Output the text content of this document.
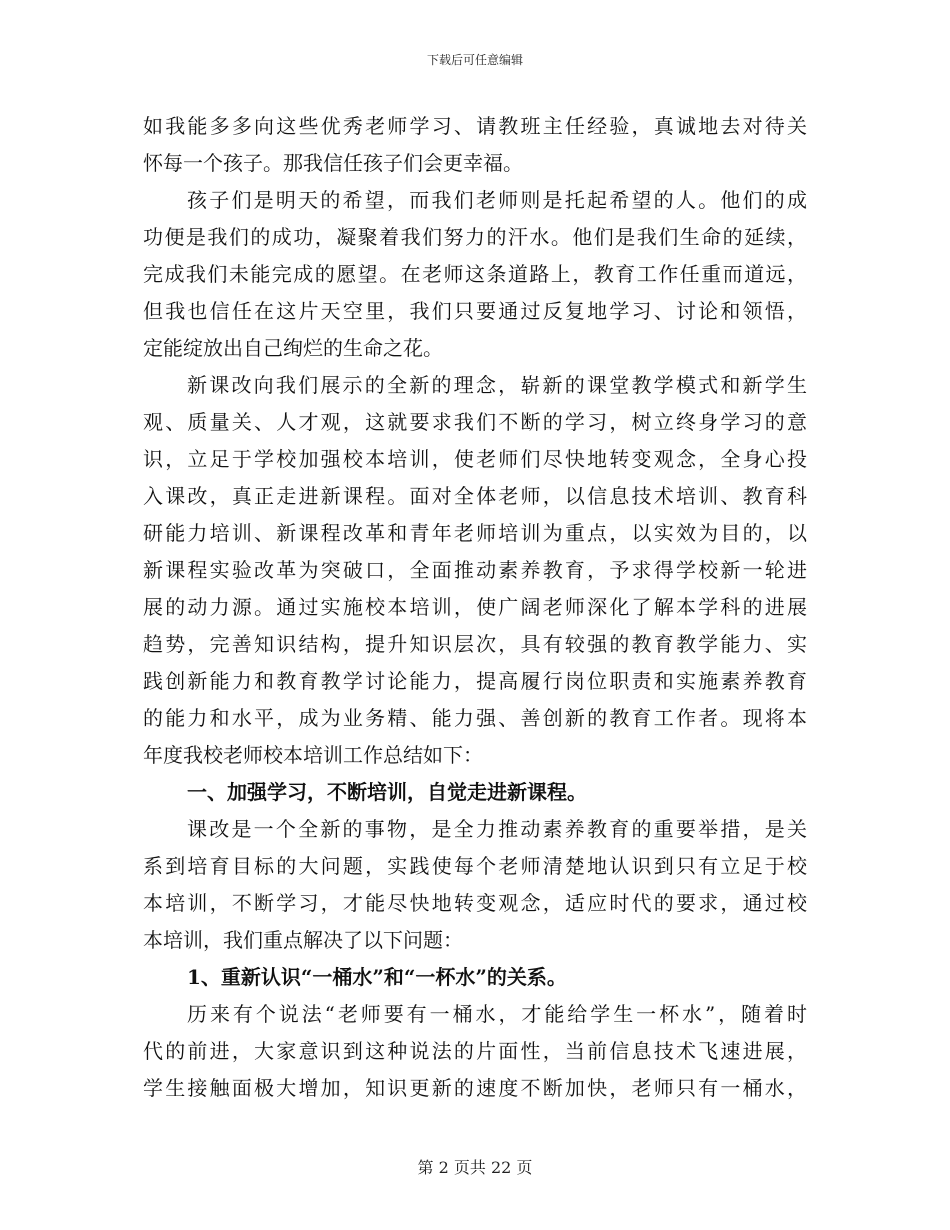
下载后可任意编辑
如我能多多向这些优秀老师学习、请教班主任经验，真诚地去对待关
怀每一个孩子。那我信任孩子们会更幸福。
孩子们是明天的希望，而我们老师则是托起希望的人。他们的成
功便是我们的成功，凝聚着我们努力的汗水。他们是我们生命的延续，
完成我们未能完成的愿望。在老师这条道路上，教育工作任重而道远，
但我也信任在这片天空里，我们只要通过反复地学习、讨论和领悟，
定能绽放出自己绚烂的生命之花。
新课改向我们展示的全新的理念，崭新的课堂教学模式和新学生
观、质量关、人才观，这就要求我们不断的学习，树立终身学习的意
识，立足于学校加强校本培训，使老师们尽快地转变观念，全身心投
入课改，真正走进新课程。面对全体老师，以信息技术培训、教育科
研能力培训、新课程改革和青年老师培训为重点，以实效为目的，以
新课程实验改革为突破口，全面推动素养教育，予求得学校新一轮进
展的动力源。通过实施校本培训，使广阔老师深化了解本学科的进展
趋势，完善知识结构，提升知识层次，具有较强的教育教学能力、实
践创新能力和教育教学讨论能力，提高履行岗位职责和实施素养教育
的能力和水平，成为业务精、能力强、善创新的教育工作者。现将本
年度我校老师校本培训工作总结如下：
一、加强学习，不断培训，自觉走进新课程。
课改是一个全新的事物，是全力推动素养教育的重要举措，是关
系到培育目标的大问题，实践使每个老师清楚地认识到只有立足于校
本培训，不断学习，才能尽快地转变观念，适应时代的要求，通过校
本培训，我们重点解决了以下问题：
1、重新认识“一桶水”和“一杯水”的关系。
历来有个说法“老师要有一桶水，才能给学生一杯水”，随着时
代的前进，大家意识到这种说法的片面性，当前信息技术飞速进展，
学生接触面极大增加，知识更新的速度不断加快，老师只有一桶水，
第 2 页共 22 页
